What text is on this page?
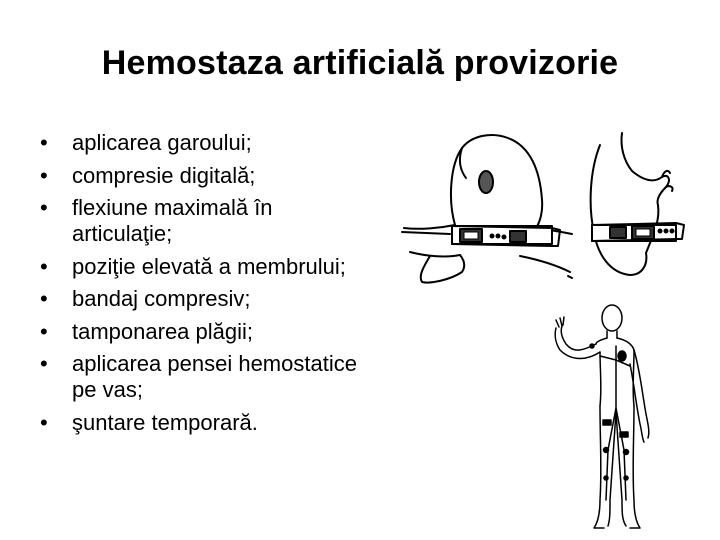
Hemostaza artificială provizorie
• aplicarea garoului;
• compresie digitală;
• flexiune maximală în articulaţie;
• poziţie elevată a membrului;
• bandaj compresiv;
• tamponarea plăgii;
• aplicarea pensei hemostatice pe vas;
• şuntare temporară.
